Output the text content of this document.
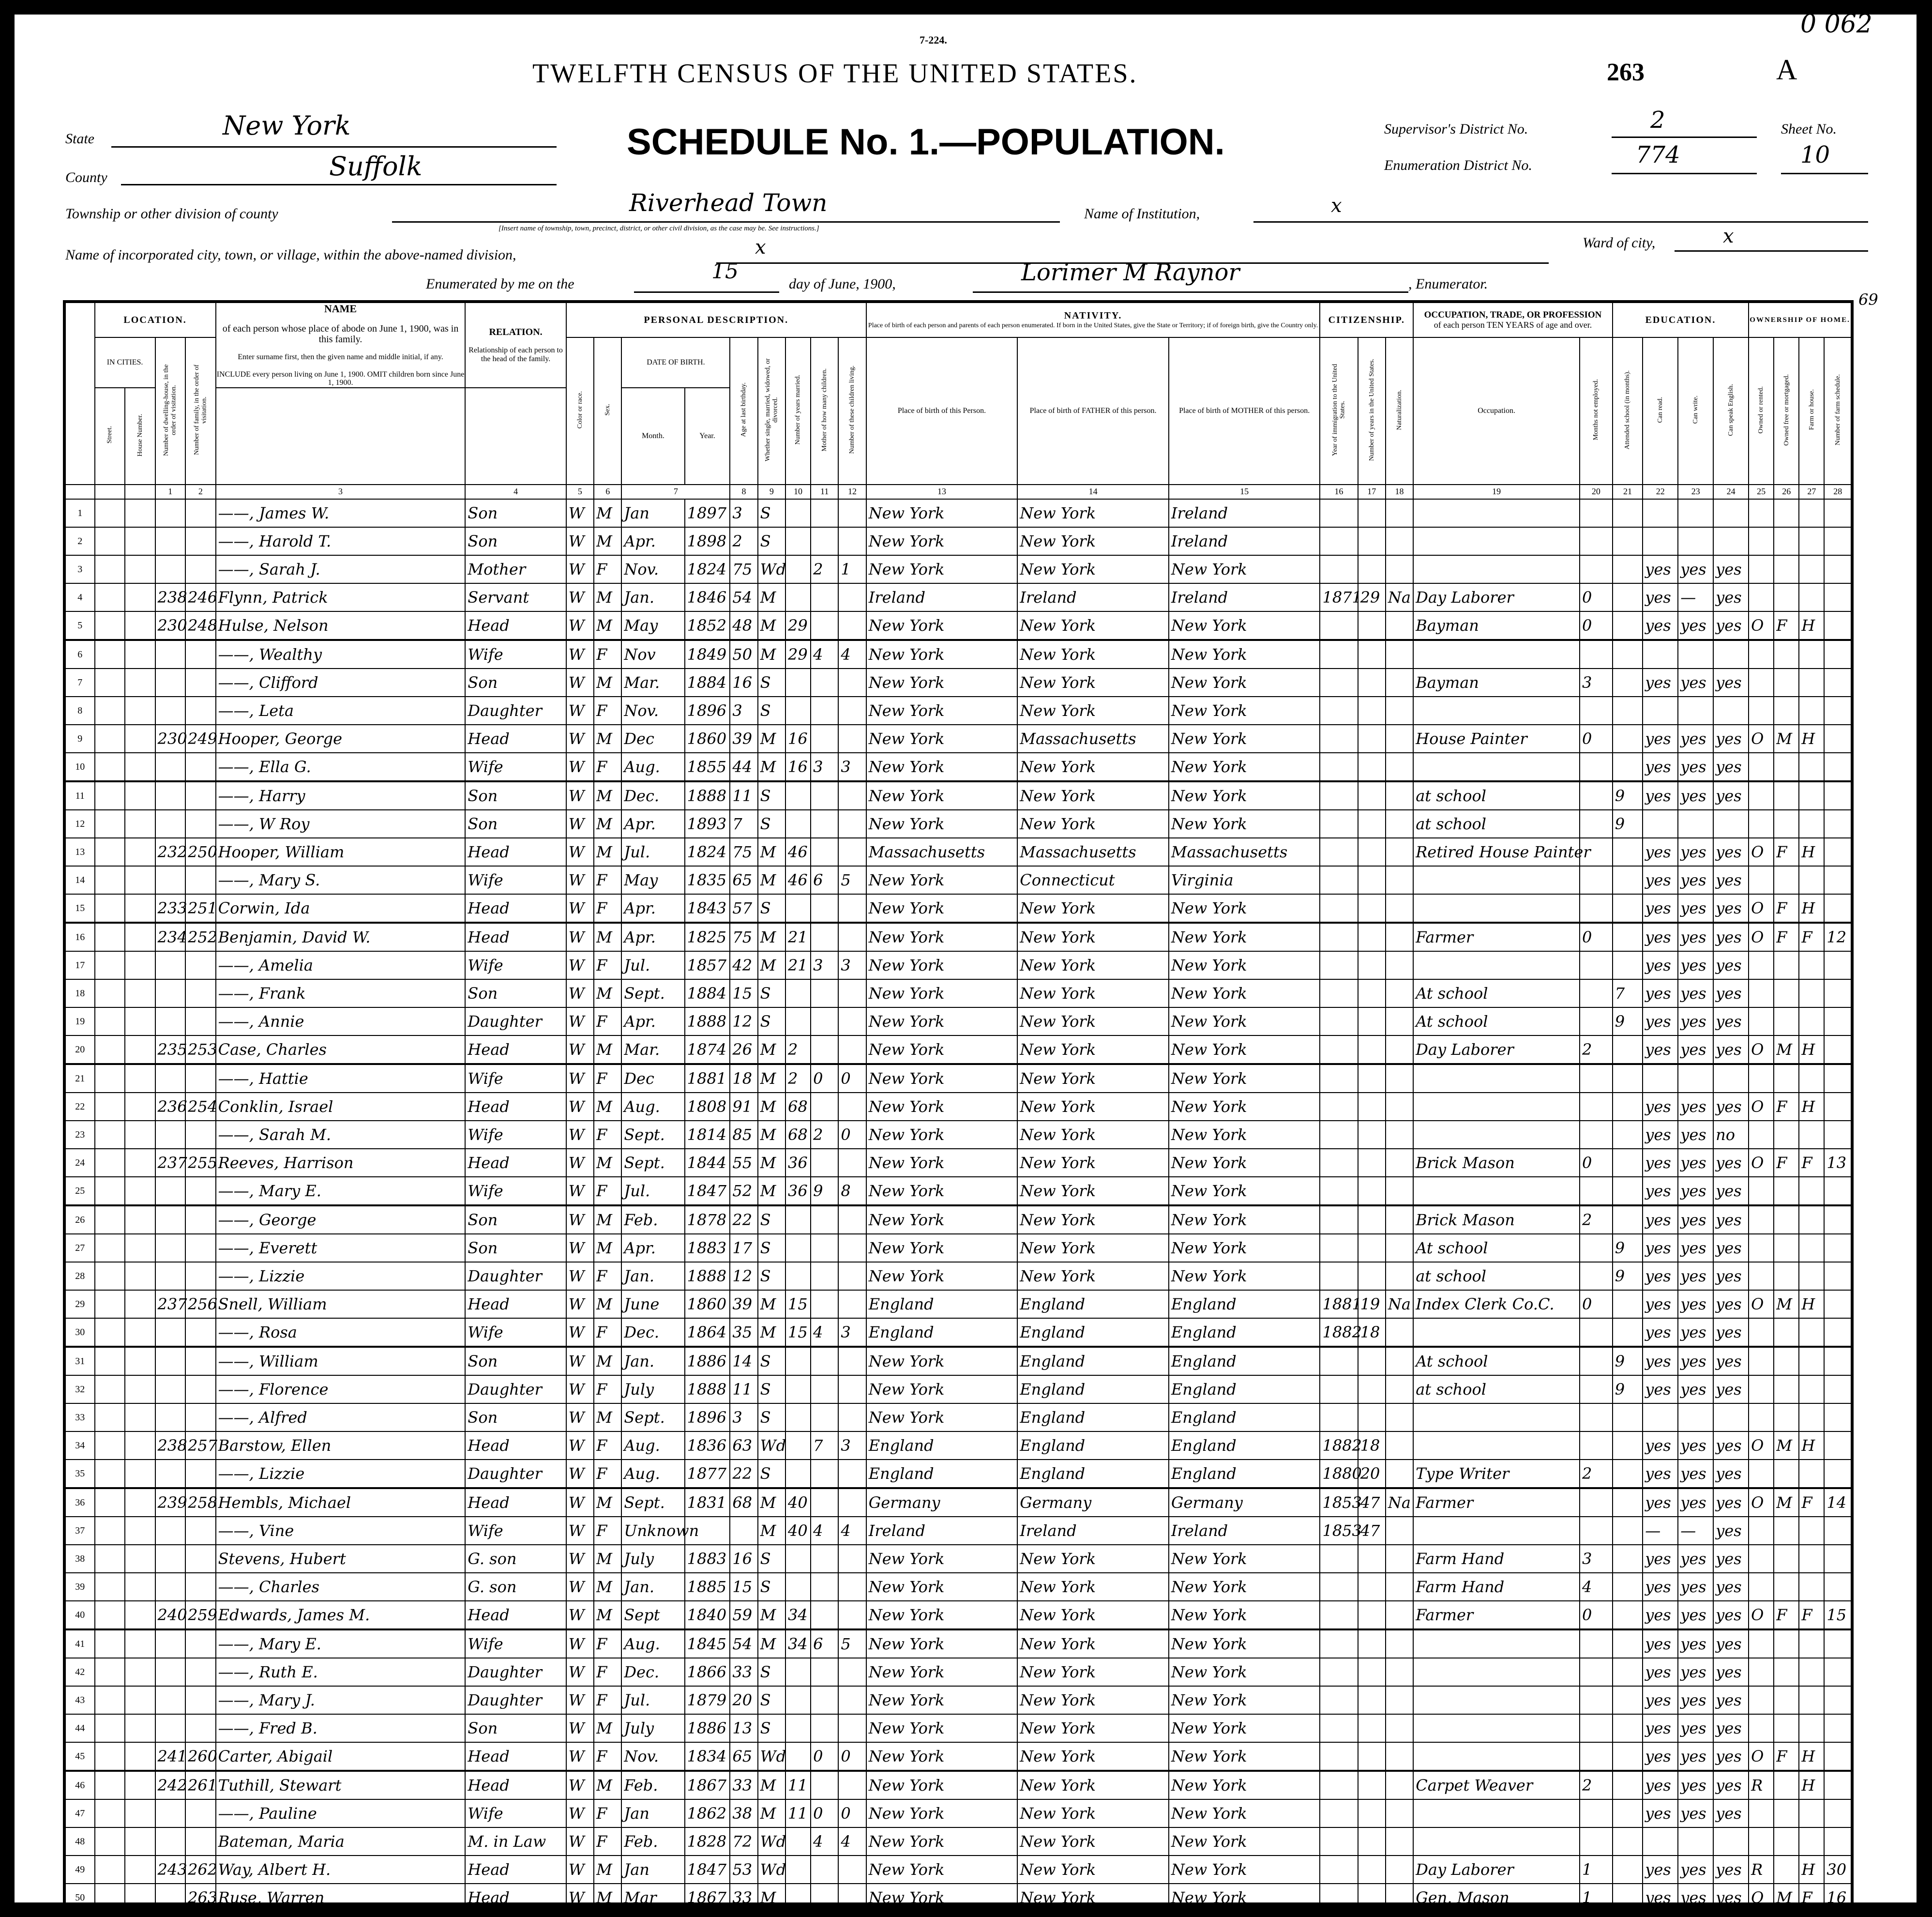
7-224.
TWELFTH CENSUS OF THE UNITED STATES.	263	A
0 062
SCHEDULE No. 1.—POPULATION.
State	New York
County	Suffolk
Supervisor's District No.	2	Sheet No.
Enumeration District No.	774	10
Township or other division of county	Riverhead Town
[Insert name of township, town, precinct, district, or other civil division, as the case may be. See instructions.]
Name of Institution,	x
Name of incorporated city, town, or village, within the above-named division,	x	Ward of city,	x
Enumerated by me on the
15
day of June, 1900,	Lorimer M Raynor	, Enumerator.
69
	LOCATION.				NAME

of each person whose place of abode on June 1, 1900, was in this family.

Enter surname first, then the given name and middle initial, if any.

INCLUDE every person living on June 1, 1900. OMIT children born since June 1, 1900.	RELATION.

Relationship of each person to the head of the family.	PERSONAL DESCRIPTION.									NATIVITY.
Place of birth of each person and parents of each person enumerated. If born in the United States, give the State or Territory; if of foreign birth, give the Country only.			CITIZENSHIP.			OCCUPATION, TRADE, OR PROFESSION
of each person TEN YEARS of age and over.		EDUCATION.				OWNERSHIP OF HOME.			
	IN CITIES.		Number of dwelling-house, in the order of visitation.	Number of family, in the order of visitation.			Color or race.	Sex.	DATE OF BIRTH.		Age at last birthday.	Whether single, married, widowed, or divorced.	Number of years married.	Mother of how many children.	Number of these children living.	Place of birth of this Person.	Place of birth of FATHER of this person.	Place of birth of MOTHER of this person.	Year of immigration to the United States.	Number of years in the United States.	Naturalization.	Occupation.	Months not employed.	Attended school (in months).	Can read.	Can write.	Can speak English.	Owned or rented.	Owned free or mortgaged.	Farm or house.	Number of farm schedule.
	Street.	House Number.							Month.	Year.																					
			1	2	3	4	5	6	7		8	9	10	11	12	13	14	15	16	17	18	19	20	21	22	23	24	25	26	27	28
1					——, James W.	Son	W	M	Jan	1897	3	S				New York	New York	Ireland													
2					——, Harold T.	Son	W	M	Apr.	1898	2	S				New York	New York	Ireland													
3					——, Sarah J.	Mother	W	F	Nov.	1824	75	Wd		2	1	New York	New York	New York							yes	yes	yes				
4			238	246	Flynn, Patrick	Servant	W	M	Jan.	1846	54	M				Ireland	Ireland	Ireland	1871	29	Na	Day Laborer	0		yes	—	yes				
5			230	248	Hulse, Nelson	Head	W	M	May	1852	48	M	29			New York	New York	New York				Bayman	0		yes	yes	yes	O	F	H	
6					——, Wealthy	Wife	W	F	Nov	1849	50	M	29	4	4	New York	New York	New York													
7					——, Clifford	Son	W	M	Mar.	1884	16	S				New York	New York	New York				Bayman	3		yes	yes	yes				
8					——, Leta	Daughter	W	F	Nov.	1896	3	S				New York	New York	New York													
9			230	249	Hooper, George	Head	W	M	Dec	1860	39	M	16			New York	Massachusetts	New York				House Painter	0		yes	yes	yes	O	M	H	
10					——, Ella G.	Wife	W	F	Aug.	1855	44	M	16	3	3	New York	New York	New York							yes	yes	yes				
11					——, Harry	Son	W	M	Dec.	1888	11	S				New York	New York	New York				at school		9	yes	yes	yes				
12					——, W Roy	Son	W	M	Apr.	1893	7	S				New York	New York	New York				at school		9							
13			232	250	Hooper, William	Head	W	M	Jul.	1824	75	M	46			Massachusetts	Massachusetts	Massachusetts				Retired House Painter			yes	yes	yes	O	F	H	
14					——, Mary S.	Wife	W	F	May	1835	65	M	46	6	5	New York	Connecticut	Virginia							yes	yes	yes				
15			233	251	Corwin, Ida	Head	W	F	Apr.	1843	57	S				New York	New York	New York							yes	yes	yes	O	F	H	
16			234	252	Benjamin, David W.	Head	W	M	Apr.	1825	75	M	21			New York	New York	New York				Farmer	0		yes	yes	yes	O	F	F	12
17					——, Amelia	Wife	W	F	Jul.	1857	42	M	21	3	3	New York	New York	New York							yes	yes	yes				
18					——, Frank	Son	W	M	Sept.	1884	15	S				New York	New York	New York				At school		7	yes	yes	yes				
19					——, Annie	Daughter	W	F	Apr.	1888	12	S				New York	New York	New York				At school		9	yes	yes	yes				
20			235	253	Case, Charles	Head	W	M	Mar.	1874	26	M	2			New York	New York	New York				Day Laborer	2		yes	yes	yes	O	M	H	
21					——, Hattie	Wife	W	F	Dec	1881	18	M	2	0	0	New York	New York	New York													
22			236	254	Conklin, Israel	Head	W	M	Aug.	1808	91	M	68			New York	New York	New York							yes	yes	yes	O	F	H	
23					——, Sarah M.	Wife	W	F	Sept.	1814	85	M	68	2	0	New York	New York	New York							yes	yes	no				
24			237	255	Reeves, Harrison	Head	W	M	Sept.	1844	55	M	36			New York	New York	New York				Brick Mason	0		yes	yes	yes	O	F	F	13
25					——, Mary E.	Wife	W	F	Jul.	1847	52	M	36	9	8	New York	New York	New York							yes	yes	yes				
26					——, George	Son	W	M	Feb.	1878	22	S				New York	New York	New York				Brick Mason	2		yes	yes	yes				
27					——, Everett	Son	W	M	Apr.	1883	17	S				New York	New York	New York				At school		9	yes	yes	yes				
28					——, Lizzie	Daughter	W	F	Jan.	1888	12	S				New York	New York	New York				at school		9	yes	yes	yes				
29			237	256	Snell, William	Head	W	M	June	1860	39	M	15			England	England	England	1881	19	Na	Index Clerk Co.C.	0		yes	yes	yes	O	M	H	
30					——, Rosa	Wife	W	F	Dec.	1864	35	M	15	4	3	England	England	England	1882	18					yes	yes	yes				
31					——, William	Son	W	M	Jan.	1886	14	S				New York	England	England				At school		9	yes	yes	yes				
32					——, Florence	Daughter	W	F	July	1888	11	S				New York	England	England				at school		9	yes	yes	yes				
33					——, Alfred	Son	W	M	Sept.	1896	3	S				New York	England	England													
34			238	257	Barstow, Ellen	Head	W	F	Aug.	1836	63	Wd		7	3	England	England	England	1882	18					yes	yes	yes	O	M	H	
35					——, Lizzie	Daughter	W	F	Aug.	1877	22	S				England	England	England	1880	20		Type Writer	2		yes	yes	yes				
36			239	258	Hembls, Michael	Head	W	M	Sept.	1831	68	M	40			Germany	Germany	Germany	1853	47	Na	Farmer			yes	yes	yes	O	M	F	14
37					——, Vine	Wife	W	F	Unknown			M	40	4	4	Ireland	Ireland	Ireland	1853	47					—	—	yes				
38					Stevens, Hubert	G. son	W	M	July	1883	16	S				New York	New York	New York				Farm Hand	3		yes	yes	yes				
39					——, Charles	G. son	W	M	Jan.	1885	15	S				New York	New York	New York				Farm Hand	4		yes	yes	yes				
40			240	259	Edwards, James M.	Head	W	M	Sept	1840	59	M	34			New York	New York	New York				Farmer	0		yes	yes	yes	O	F	F	15
41					——, Mary E.	Wife	W	F	Aug.	1845	54	M	34	6	5	New York	New York	New York							yes	yes	yes				
42					——, Ruth E.	Daughter	W	F	Dec.	1866	33	S				New York	New York	New York							yes	yes	yes				
43					——, Mary J.	Daughter	W	F	Jul.	1879	20	S				New York	New York	New York							yes	yes	yes				
44					——, Fred B.	Son	W	M	July	1886	13	S				New York	New York	New York							yes	yes	yes				
45			241	260	Carter, Abigail	Head	W	F	Nov.	1834	65	Wd		0	0	New York	New York	New York							yes	yes	yes	O	F	H	
46			242	261	Tuthill, Stewart	Head	W	M	Feb.	1867	33	M	11			New York	New York	New York				Carpet Weaver	2		yes	yes	yes	R		H	
47					——, Pauline	Wife	W	F	Jan	1862	38	M	11	0	0	New York	New York	New York							yes	yes	yes				
48					Bateman, Maria	M. in Law	W	F	Feb.	1828	72	Wd		4	4	New York	New York	New York													
49			243	262	Way, Albert H.	Head	W	M	Jan	1847	53	Wd				New York	New York	New York				Day Laborer	1		yes	yes	yes	R		H	30
50				263	Ruse, Warren	Head	W	M	Mar	1867	33	M				New York	New York	New York				Gen. Mason	1		yes	yes	yes	O	M	F	16
